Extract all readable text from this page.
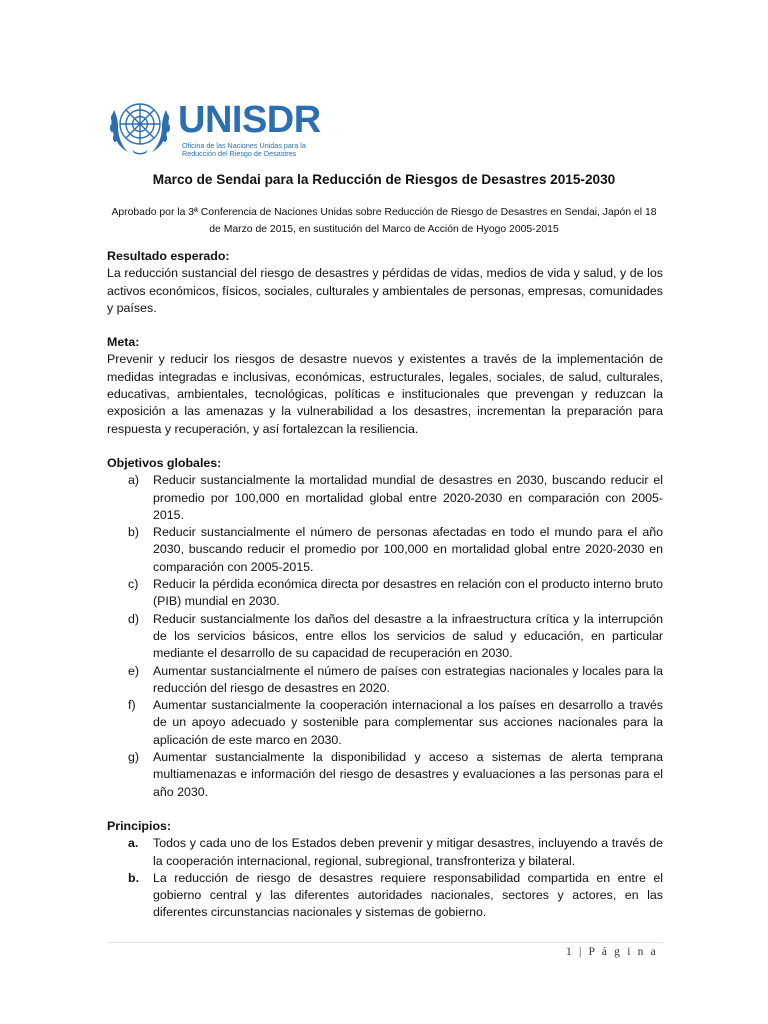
UNISDR
Oficina de las Naciones Unidas para la Reducción del Riesgo de Desastres
Marco de Sendai para la Reducción de Riesgos de Desastres 2015-2030
Aprobado por la 3ª Conferencia de Naciones Unidas sobre Reducción de Riesgo de Desastres en Sendai, Japón el 18 de Marzo de 2015, en sustitución del Marco de Acción de Hyogo 2005-2015

Resultado esperado:

La reducción sustancial del riesgo de desastres y pérdidas de vidas, medios de vida y salud, y de los activos económicos, físicos, sociales, culturales y ambientales de personas, empresas, comunidades y países.

Meta:

Prevenir y reducir los riesgos de desastre nuevos y existentes a través de la implementación de medidas integradas e inclusivas, económicas, estructurales, legales, sociales, de salud, culturales, educativas, ambientales, tecnológicas, políticas e institucionales que prevengan y reduzcan la exposición a las amenazas y la vulnerabilidad a los desastres, incrementan la preparación para respuesta y recuperación, y así fortalezcan la resiliencia.

Objetivos globales:

a) Reducir sustancialmente la mortalidad mundial de desastres en 2030, buscando reducir el promedio por 100,000 en mortalidad global entre 2020-2030 en comparación con 2005-2015.
b) Reducir sustancialmente el número de personas afectadas en todo el mundo para el año 2030, buscando reducir el promedio por 100,000 en mortalidad global entre 2020-2030 en comparación con 2005-2015.
c) Reducir la pérdida económica directa por desastres en relación con el producto interno bruto (PIB) mundial en 2030.
d) Reducir sustancialmente los daños del desastre a la infraestructura crítica y la interrupción de los servicios básicos, entre ellos los servicios de salud y educación, en particular mediante el desarrollo de su capacidad de recuperación en 2030.
e) Aumentar sustancialmente el número de países con estrategias nacionales y locales para la reducción del riesgo de desastres en 2020.
f) Aumentar sustancialmente la cooperación internacional a los países en desarrollo a través de un apoyo adecuado y sostenible para complementar sus acciones nacionales para la aplicación de este marco en 2030.
g) Aumentar sustancialmente la disponibilidad y acceso a sistemas de alerta temprana multiamenazas e información del riesgo de desastres y evaluaciones a las personas para el año 2030.

Principios:

a. Todos y cada uno de los Estados deben prevenir y mitigar desastres, incluyendo a través de la cooperación internacional, regional, subregional, transfronteriza y bilateral.
b. La reducción de riesgo de desastres requiere responsabilidad compartida en entre el gobierno central y las diferentes autoridades nacionales, sectores y actores, en las diferentes circunstancias nacionales y sistemas de gobierno.
1 | P á g i n a
